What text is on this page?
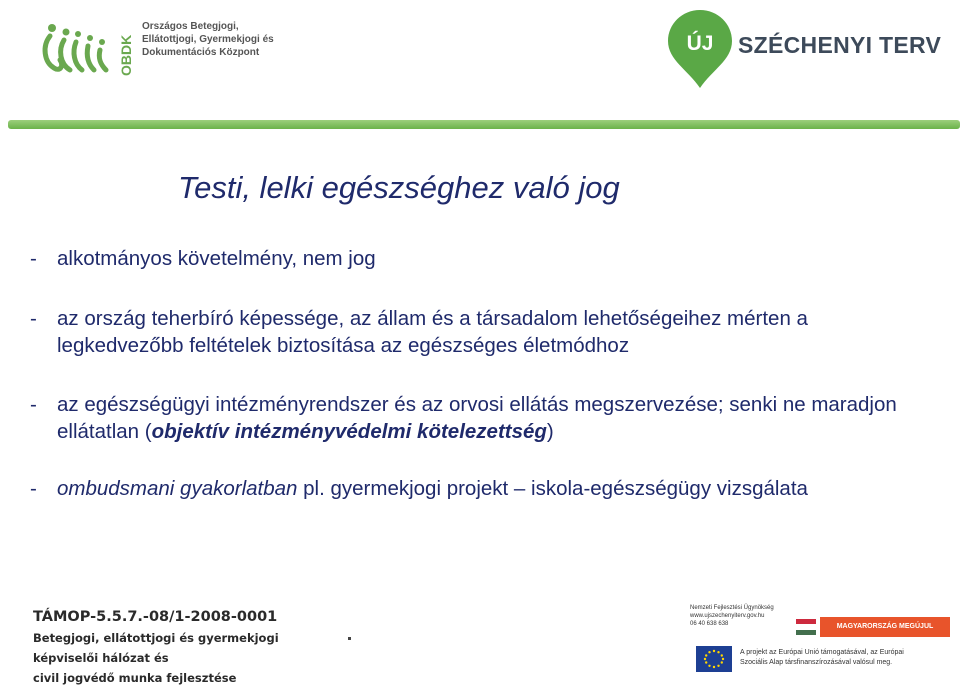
OBDK
Országos Betegjogi,
Ellátottjogi, Gyermekjogi és
Dokumentációs Központ	ÚJ SZÉCHENYI TERV
Testi, lelki egészséghez való jog
- alkotmányos követelmény, nem jog
- az ország teherbíró képessége, az állam és a társadalom lehetőségeihez mérten a legkedvezőbb feltételek biztosítása az egészséges életmódhoz
- az egészségügyi intézményrendszer és az orvosi ellátás megszervezése; senki ne maradjon ellátatlan (objektív intézményvédelmi kötelezettség)
- ombudsmani gyakorlatban pl. gyermekjogi projekt – iskola-egészségügy vizsgálata
TÁMOP-5.5.7.-08/1-2008-0001
Betegjogi, ellátottjogi és gyermekjogi
képviselői hálózat és
civil jogvédő munka fejlesztése
Nemzeti Fejlesztési Ügynökség
www.ujszechenyiterv.gov.hu
06 40 638 638	MAGYARORSZÁG MEGÚJUL
A projekt az Európai Unió támogatásával, az Európai
Szociális Alap társfinanszírozásával valósul meg.
